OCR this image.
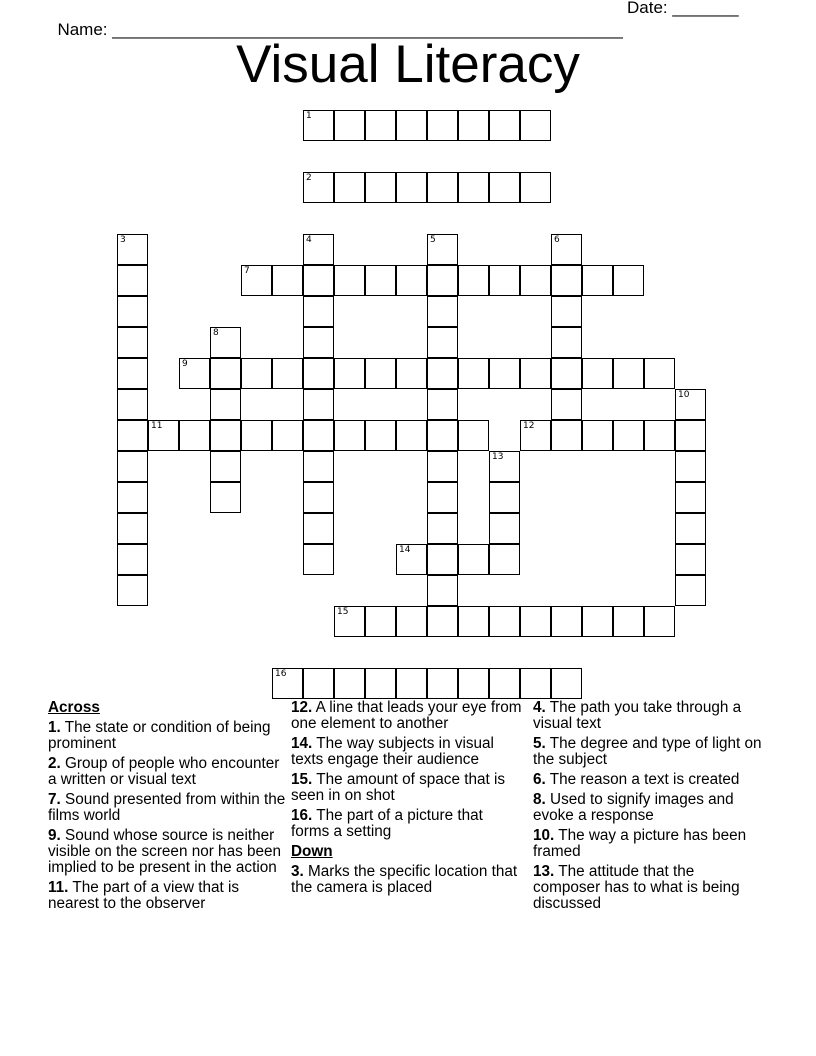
Name: ______________________________________________________

Date: _______

Visual Literacy
1
2
3	4	5	6
7
8
9
10
11	12
13
14
15
16
Across
1. The state or condition of being prominent
2. Group of people who encounter a written or visual text
7. Sound presented from within the films world
9. Sound whose source is neither visible on the screen nor has been implied to be present in the action
11. The part of a view that is nearest to the observer
12. A line that leads your eye from one element to another
14. The way subjects in visual texts engage their audience
15. The amount of space that is seen in on shot
16. The part of a picture that forms a setting
Down
3. Marks the specific location that the camera is placed
4. The path you take through a visual text
5. The degree and type of light on the subject
6. The reason a text is created
8. Used to signify images and evoke a response
10. The way a picture has been framed
13. The attitude that the composer has to what is being discussed
